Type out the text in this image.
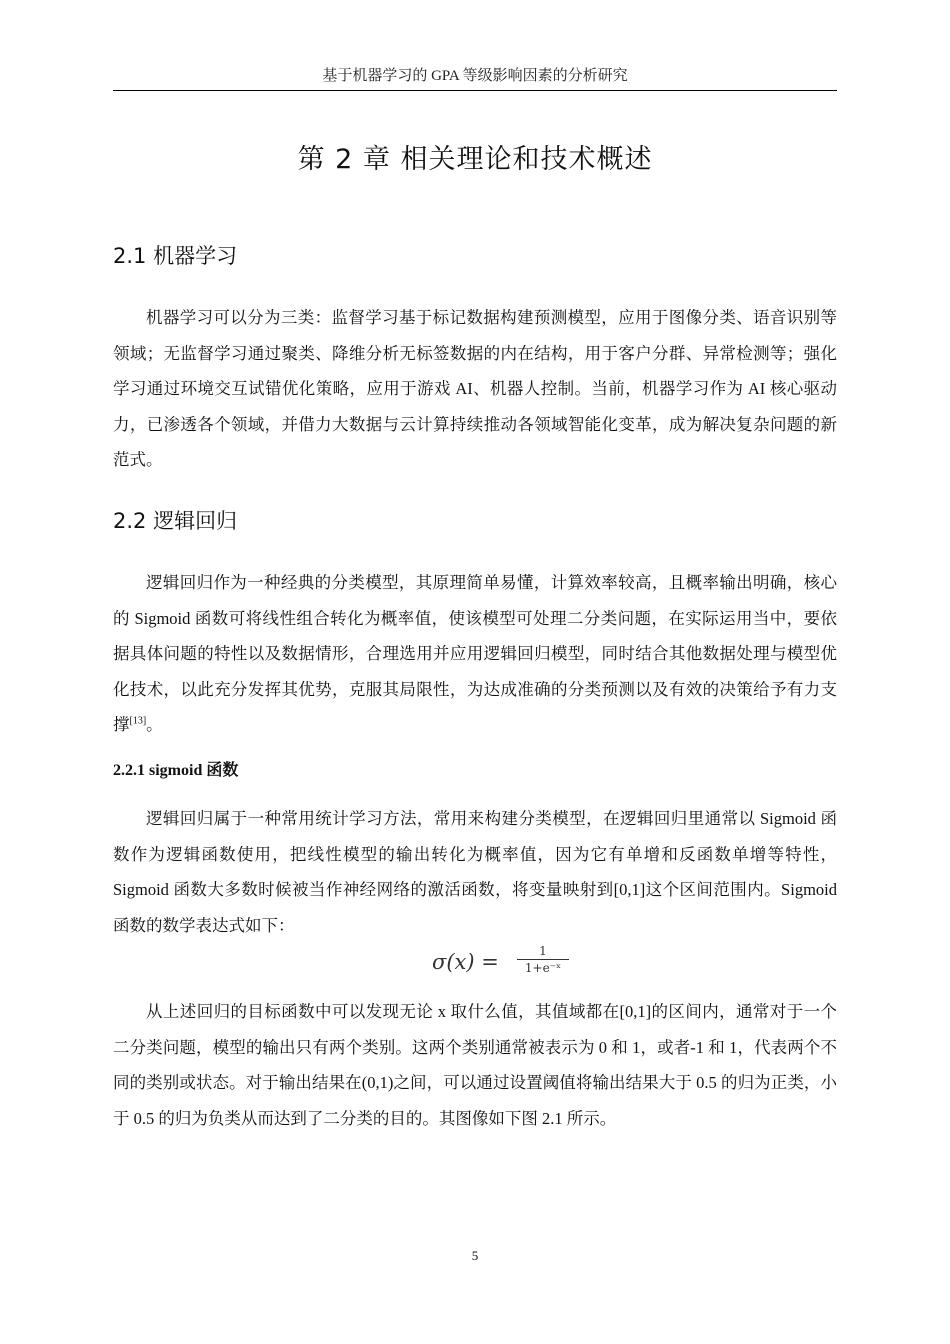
基于机器学习的 GPA 等级影响因素的分析研究
第 2 章 相关理论和技术概述
2.1 机器学习

机器学习可以分为三类：监督学习基于标记数据构建预测模型，应用于图像分类、语音识别等领域；无监督学习通过聚类、降维分析无标签数据的内在结构，用于客户分群、异常检测等；强化学习通过环境交互试错优化策略，应用于游戏 AI、机器人控制。当前，机器学习作为 AI 核心驱动力，已渗透各个领域，并借力大数据与云计算持续推动各领域智能化变革，成为解决复杂问题的新范式。

2.2 逻辑回归

逻辑回归作为一种经典的分类模型，其原理简单易懂，计算效率较高，且概率输出明确，核心的 Sigmoid 函数可将线性组合转化为概率值，使该模型可处理二分类问题，在实际运用当中，要依据具体问题的特性以及数据情形，合理选用并应用逻辑回归模型，同时结合其他数据处理与模型优化技术，以此充分发挥其优势，克服其局限性，为达成准确的分类预测以及有效的决策给予有力支撑[13]。

2.2.1 sigmoid 函数

逻辑回归属于一种常用统计学习方法，常用来构建分类模型，在逻辑回归里通常以 Sigmoid 函数作为逻辑函数使用，把线性模型的输出转化为概率值，因为它有单增和反函数单增等特性，Sigmoid 函数大多数时候被当作神经网络的激活函数，将变量映射到[0,1]这个区间范围内。Sigmoid 函数的数学表达式如下：

σ(x) =	1
1+e⁻ˣ

从上述回归的目标函数中可以发现无论 x 取什么值，其值域都在[0,1]的区间内，通常对于一个二分类问题，模型的输出只有两个类别。这两个类别通常被表示为 0 和 1，或者-1 和 1，代表两个不同的类别或状态。对于输出结果在(0,1)之间，可以通过设置阈值将输出结果大于 0.5 的归为正类，小于 0.5 的归为负类从而达到了二分类的目的。其图像如下图 2.1 所示。

5
